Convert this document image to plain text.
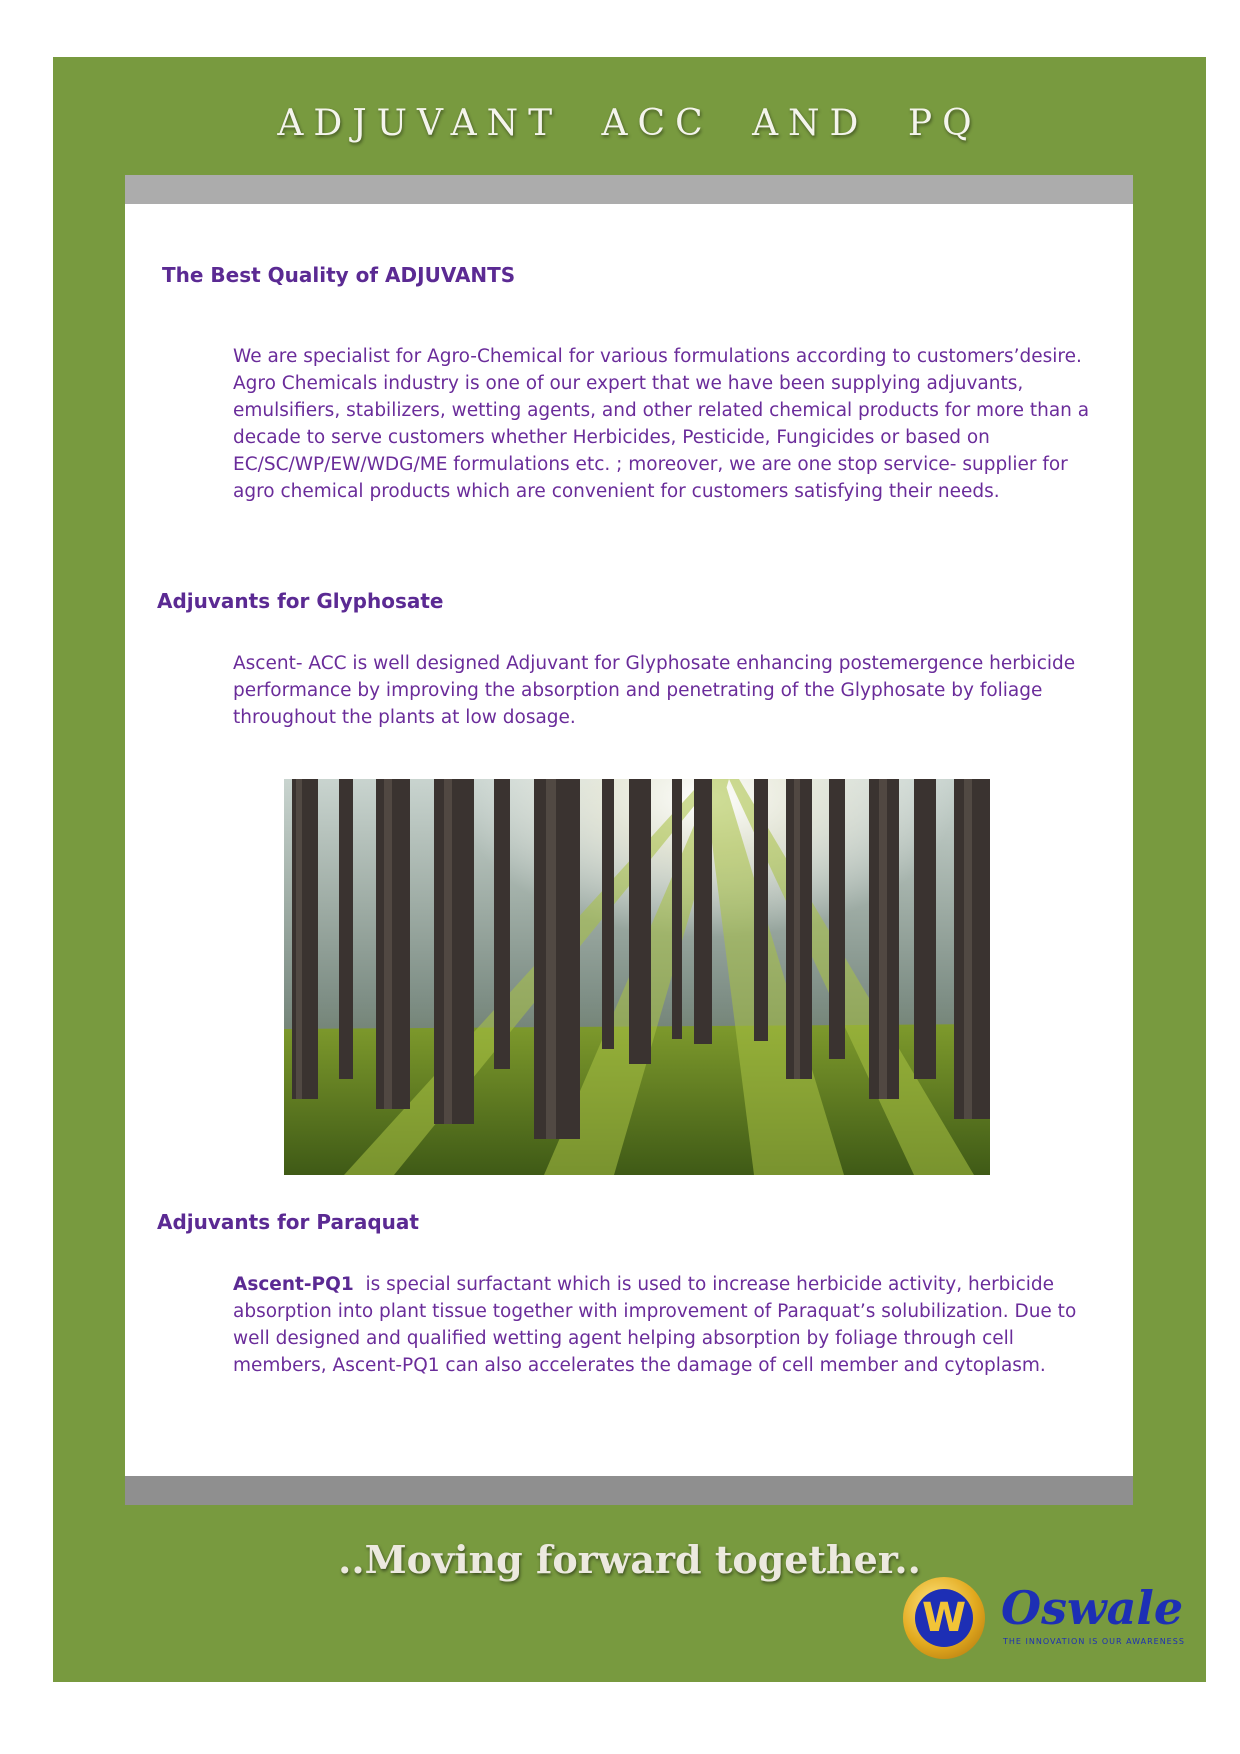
ADJUVANT ACC AND PQ
The Best Quality of ADJUVANTS
We are specialist for Agro-Chemical for various formulations according to customers’desire.
Agro Chemicals industry is one of our expert that we have been supplying adjuvants,
emulsifiers, stabilizers, wetting agents, and other related chemical products for more than a
decade to serve customers whether Herbicides, Pesticide, Fungicides or based on
EC/SC/WP/EW/WDG/ME formulations etc. ; moreover, we are one stop service- supplier for
agro chemical products which are convenient for customers satisfying their needs.
Adjuvants for Glyphosate
Ascent- ACC is well designed Adjuvant for Glyphosate enhancing postemergence herbicide
performance by improving the absorption and penetrating of the Glyphosate by foliage
throughout the plants at low dosage.
Adjuvants for Paraquat
Ascent-PQ1  is special surfactant which is used to increase herbicide activity, herbicide
absorption into plant tissue together with improvement of Paraquat’s solubilization. Due to
well designed and qualified wetting agent helping absorption by foliage through cell
members, Ascent-PQ1 can also accelerates the damage of cell member and cytoplasm.
..Moving forward together..
W Oswale
THE INNOVATION IS OUR AWARENESS
